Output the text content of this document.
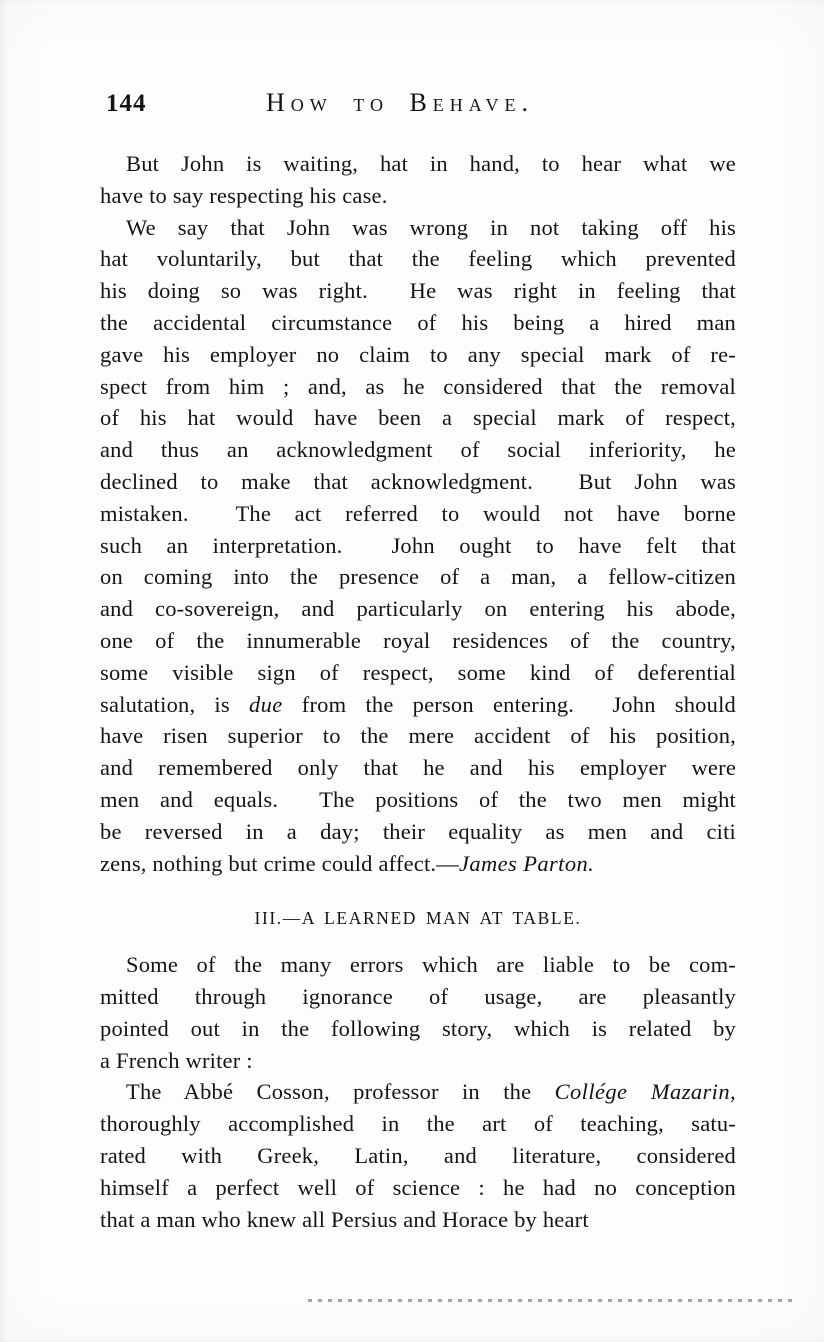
144	How to Behave.
But John is waiting, hat in hand, to hear what we
have to say respecting his case.
We say that John was wrong in not taking off his
hat voluntarily, but that the feeling which prevented
his doing so was right.  He was right in feeling that
the accidental circumstance of his being a hired man
gave his employer no claim to any special mark of re-
spect from him ; and, as he considered that the removal
of his hat would have been a special mark of respect,
and thus an acknowledgment of social inferiority, he
declined to make that acknowledgment.  But John was
mistaken.  The act referred to would not have borne
such an interpretation.  John ought to have felt that
on coming into the presence of a man, a fellow-citizen
and co-sovereign, and particularly on entering his abode,
one of the innumerable royal residences of the country,
some visible sign of respect, some kind of deferential
salutation, is due from the person entering.  John should
have risen superior to the mere accident of his position,
and remembered only that he and his employer were
men and equals.  The positions of the two men might
be reversed in a day; their equality as men and citi
zens, nothing but crime could affect.—James Parton.
III.—A LEARNED MAN AT TABLE.
Some of the many errors which are liable to be com-
mitted through ignorance of usage, are pleasantly
pointed out in the following story, which is related by
a French writer :
The Abbé Cosson, professor in the Collége Mazarin,
thoroughly accomplished in the art of teaching, satu-
rated with Greek, Latin, and literature, considered
himself a perfect well of science : he had no conception
that a man who knew all Persius and Horace by heart
